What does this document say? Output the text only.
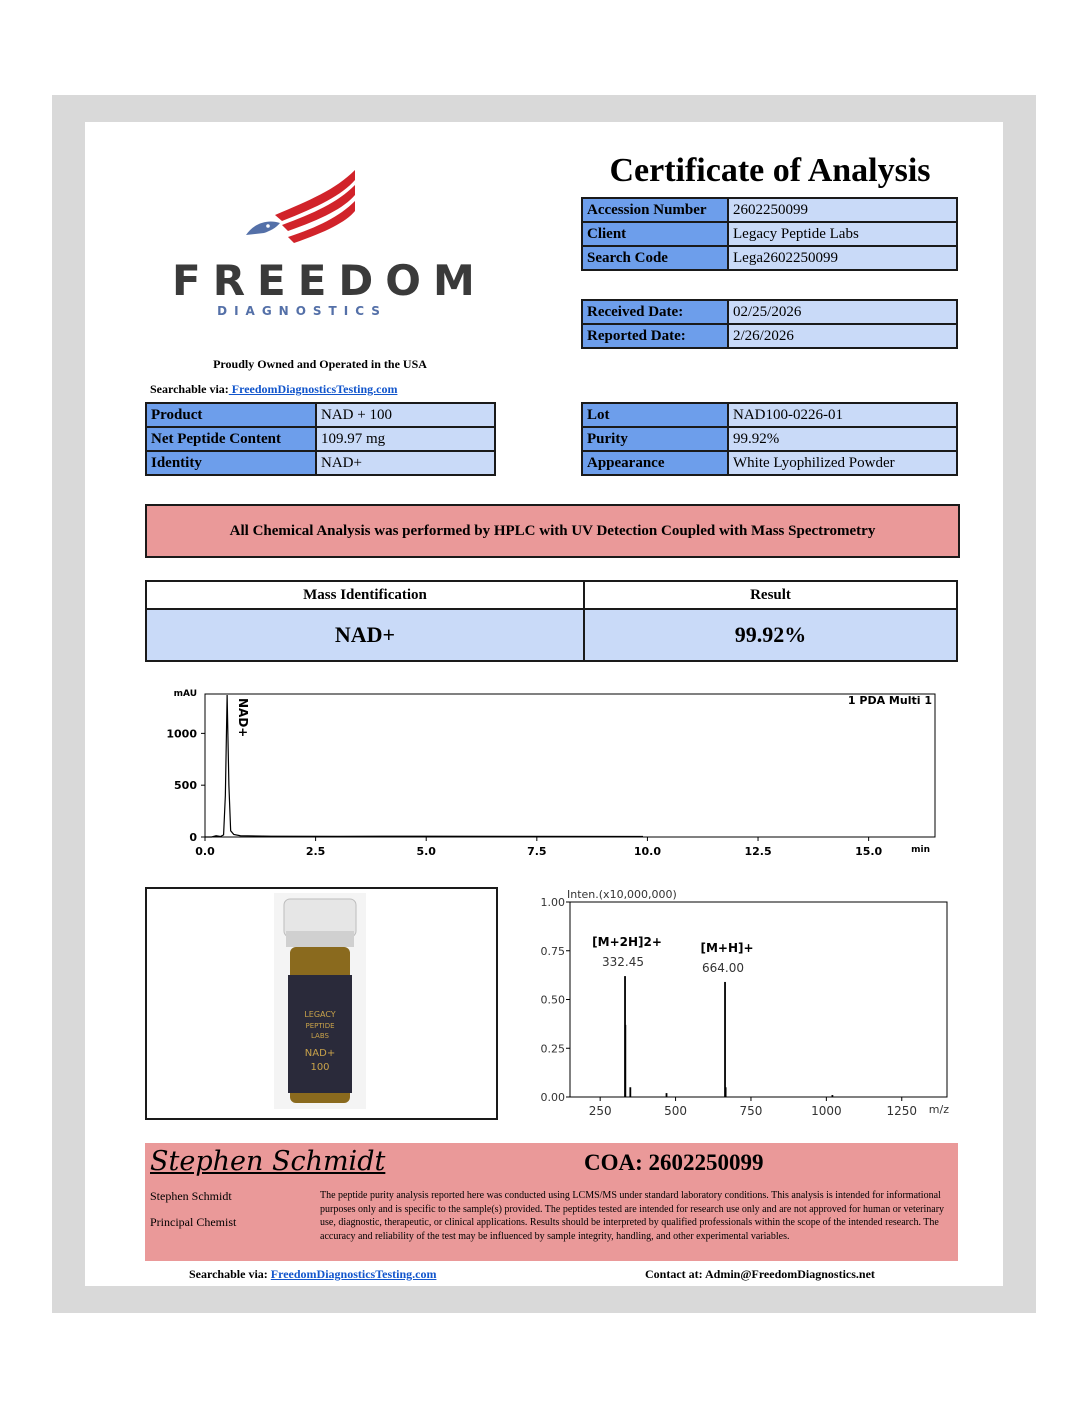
FREEDOM
DIAGNOSTICS
Proudly Owned and Operated in the USA
Searchable via: FreedomDiagnosticsTesting.com
Certificate of Analysis
Accession Number	2602250099
Client	Legacy Peptide Labs
Search Code	Lega2602250099
Received Date:	02/25/2026
Reported Date:	2/26/2026
Product	NAD + 100
Net Peptide Content	109.97 mg
Identity	NAD+
Lot	NAD100-0226-01
Purity	99.92%
Appearance	White Lyophilized Powder
All Chemical Analysis was performed by HPLC with UV Detection Coupled with Mass Spectrometry
Mass Identification	Result
NAD+	99.92%
0.0	2.5	5.0	7.5	10.0	12.5	15.0
0
500
1000
mAU
min
1 PDA Multi 1
NAD+
LEGACY
PEPTIDE
LABS
NAD+
100
250	500	750	1000	1250
0.00
0.25
0.50
0.75
1.00
Inten.(x10,000,000)
m/z
[M+2H]2+
332.45
[M+H]+
664.00
Stephen Schmidt	COA: 2602250099
Stephen Schmidt
Principal Chemist
The peptide purity analysis reported here was conducted using LCMS/MS under standard laboratory conditions. This analysis is intended for informational purposes only and is specific to the sample(s) provided. The peptides tested are intended for research use only and are not approved for human or veterinary use, diagnostic, therapeutic, or clinical applications. Results should be interpreted by qualified professionals within the scope of the intended research. The accuracy and reliability of the test may be influenced by sample integrity, handling, and other experimental variables.
Searchable via: FreedomDiagnosticsTesting.com	Contact at: Admin@FreedomDiagnostics.net
